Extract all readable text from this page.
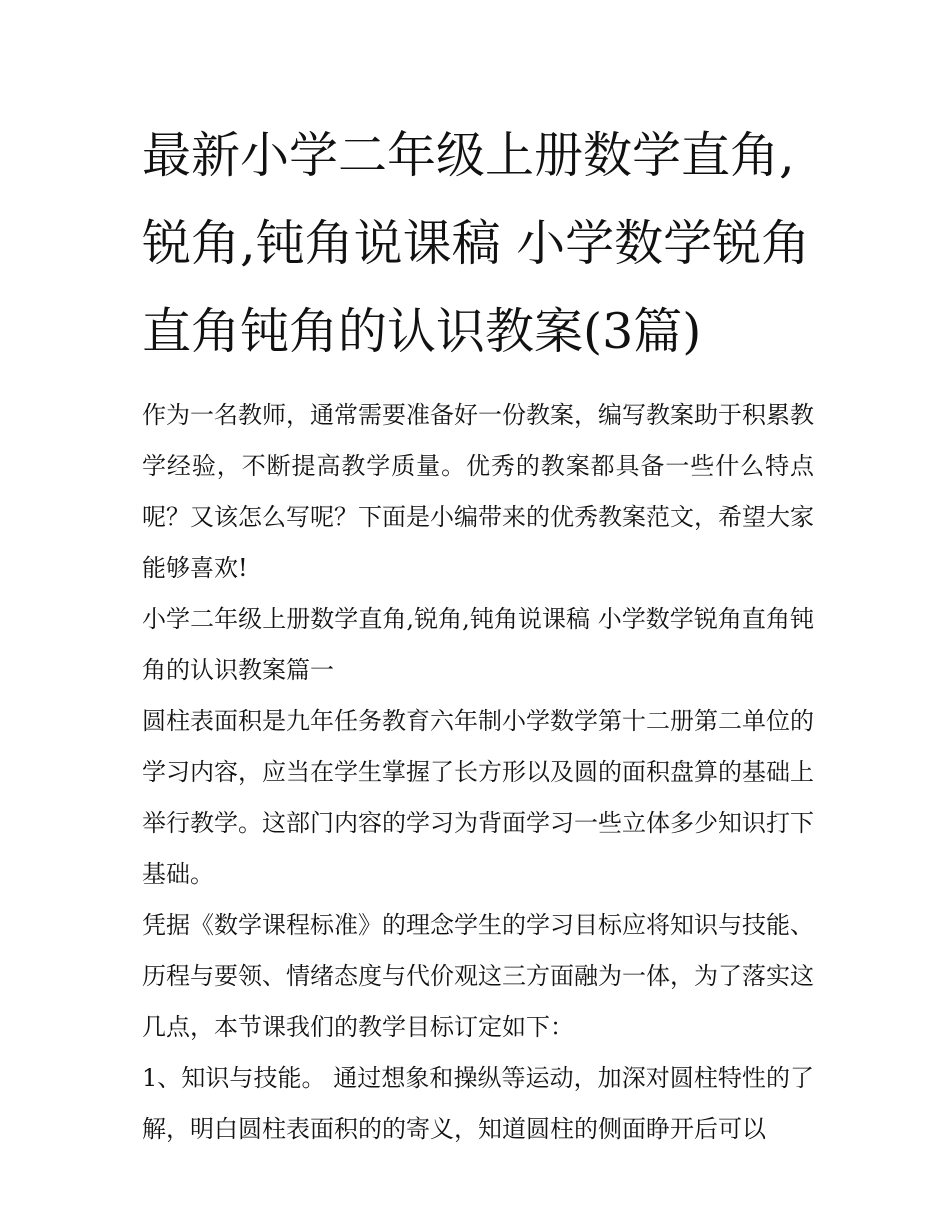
最新小学二年级上册数学直角,锐角,钝角说课稿 小学数学锐角直角钝角的认识教案(3篇)

作为一名教师，通常需要准备好一份教案，编写教案助于积累教学经验，不断提高教学质量。优秀的教案都具备一些什么特点呢？又该怎么写呢？下面是小编带来的优秀教案范文，希望大家能够喜欢!

小学二年级上册数学直角,锐角,钝角说课稿 小学数学锐角直角钝角的认识教案篇一

圆柱表面积是九年任务教育六年制小学数学第十二册第二单位的学习内容，应当在学生掌握了长方形以及圆的面积盘算的基础上举行教学。这部门内容的学习为背面学习一些立体多少知识打下基础。

凭据《数学课程标准》的理念学生的学习目标应将知识与技能、历程与要领、情绪态度与代价观这三方面融为一体，为了落实这几点，本节课我们的教学目标订定如下：

1、知识与技能。 通过想象和操纵等运动，加深对圆柱特性的了解，明白圆柱表面积的的寄义，知道圆柱的侧面睁开后可以
